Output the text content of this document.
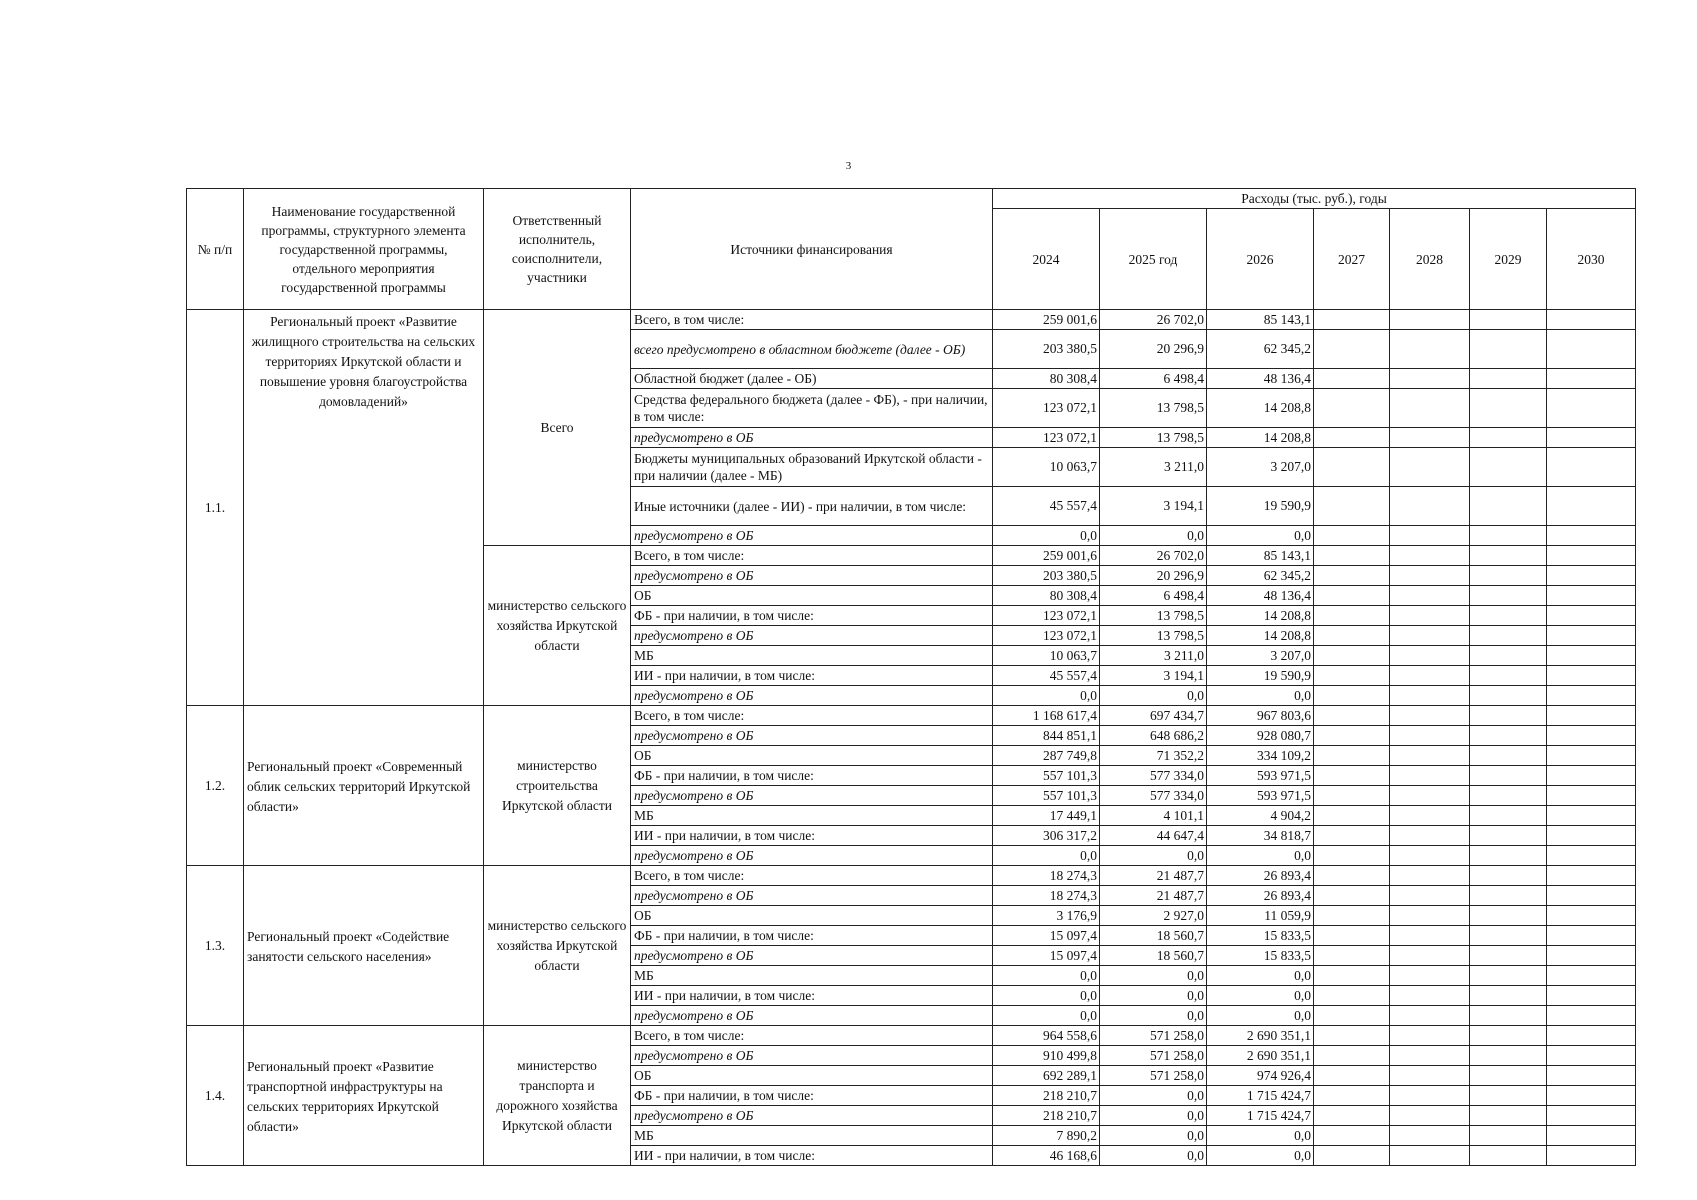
3
№ п/п	Наименование государственной программы, структурного элемента государственной программы, отдельного мероприятия государственной программы	Ответственный исполнитель, соисполнители, участники	Источники финансирования	Расходы (тыс. руб.), годы						
				2024	2025 год	2026	2027	2028	2029	2030
1.1.	Региональный проект «Развитие жилищного строительства на сельских территориях Иркутской области и повышение уровня благоустройства домовладений»	Всего	Всего, в том числе:	259 001,6	26 702,0	85 143,1				
			всего предусмотрено в областном бюджете (далее - ОБ)	203 380,5	20 296,9	62 345,2				
			Областной бюджет (далее - ОБ)	80 308,4	6 498,4	48 136,4				
			Средства федерального бюджета (далее - ФБ), - при наличии, в том числе:	123 072,1	13 798,5	14 208,8				
			предусмотрено в ОБ	123 072,1	13 798,5	14 208,8				
			Бюджеты муниципальных образований Иркутской области - при наличии (далее - МБ)	10 063,7	3 211,0	3 207,0				
			Иные источники (далее - ИИ) - при наличии, в том числе:	45 557,4	3 194,1	19 590,9				
			предусмотрено в ОБ	0,0	0,0	0,0				
		министерство сельского хозяйства Иркутской области	Всего, в том числе:	259 001,6	26 702,0	85 143,1				
			предусмотрено в ОБ	203 380,5	20 296,9	62 345,2				
			ОБ	80 308,4	6 498,4	48 136,4				
			ФБ - при наличии, в том числе:	123 072,1	13 798,5	14 208,8				
			предусмотрено в ОБ	123 072,1	13 798,5	14 208,8				
			МБ	10 063,7	3 211,0	3 207,0				
			ИИ - при наличии, в том числе:	45 557,4	3 194,1	19 590,9				
			предусмотрено в ОБ	0,0	0,0	0,0				
1.2.	Региональный проект «Современный облик сельских территорий Иркутской области»	министерство строительства Иркутской области	Всего, в том числе:	1 168 617,4	697 434,7	967 803,6				
			предусмотрено в ОБ	844 851,1	648 686,2	928 080,7				
			ОБ	287 749,8	71 352,2	334 109,2				
			ФБ - при наличии, в том числе:	557 101,3	577 334,0	593 971,5				
			предусмотрено в ОБ	557 101,3	577 334,0	593 971,5				
			МБ	17 449,1	4 101,1	4 904,2				
			ИИ - при наличии, в том числе:	306 317,2	44 647,4	34 818,7				
			предусмотрено в ОБ	0,0	0,0	0,0				
1.3.	Региональный проект «Содействие занятости сельского населения»	министерство сельского хозяйства Иркутской области	Всего, в том числе:	18 274,3	21 487,7	26 893,4				
			предусмотрено в ОБ	18 274,3	21 487,7	26 893,4				
			ОБ	3 176,9	2 927,0	11 059,9				
			ФБ - при наличии, в том числе:	15 097,4	18 560,7	15 833,5				
			предусмотрено в ОБ	15 097,4	18 560,7	15 833,5				
			МБ	0,0	0,0	0,0				
			ИИ - при наличии, в том числе:	0,0	0,0	0,0				
			предусмотрено в ОБ	0,0	0,0	0,0				
1.4.	Региональный проект «Развитие транспортной инфраструктуры на сельских территориях Иркутской области»	министерство транспорта и дорожного хозяйства Иркутской области	Всего, в том числе:	964 558,6	571 258,0	2 690 351,1				
			предусмотрено в ОБ	910 499,8	571 258,0	2 690 351,1				
			ОБ	692 289,1	571 258,0	974 926,4				
			ФБ - при наличии, в том числе:	218 210,7	0,0	1 715 424,7				
			предусмотрено в ОБ	218 210,7	0,0	1 715 424,7				
			МБ	7 890,2	0,0	0,0				
			ИИ - при наличии, в том числе:	46 168,6	0,0	0,0				
